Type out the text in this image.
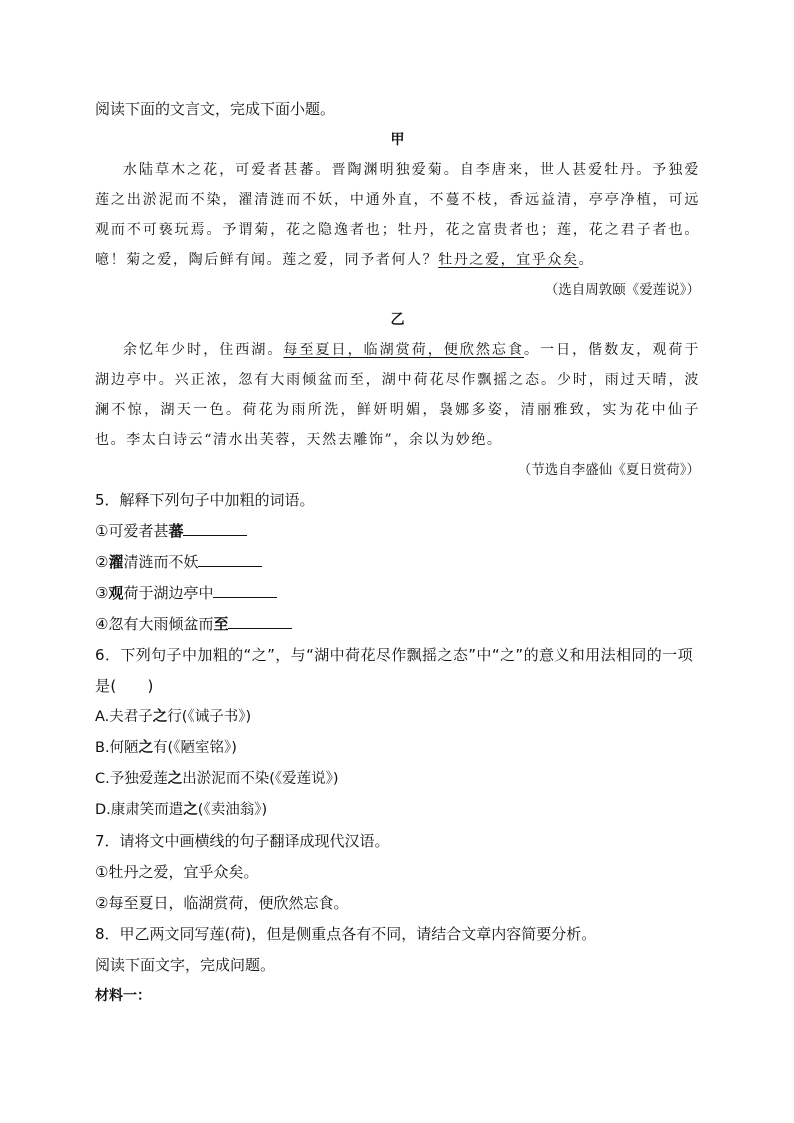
阅读下面的文言文，完成下面小题。
甲
水陆草木之花，可爱者甚蕃。晋陶渊明独爱菊。自李唐来，世人甚爱牡丹。予独爱莲之出淤泥而不染，濯清涟而不妖，中通外直，不蔓不枝，香远益清，亭亭净植，可远观而不可亵玩焉。予谓菊，花之隐逸者也；牡丹，花之富贵者也；莲，花之君子者也。噫！菊之爱，陶后鲜有闻。莲之爱，同予者何人？牡丹之爱，宜乎众矣。
（选自周敦颐《爱莲说》）
乙
余忆年少时，住西湖。每至夏日，临湖赏荷，便欣然忘食。一日，偕数友，观荷于湖边亭中。兴正浓，忽有大雨倾盆而至，湖中荷花尽作飘摇之态。少时，雨过天晴，波澜不惊，湖天一色。荷花为雨所洗，鲜妍明媚，袅娜多姿，清丽雅致，实为花中仙子也。李太白诗云“清水出芙蓉，天然去雕饰”，余以为妙绝。
（节选自李盛仙《夏日赏荷》）
5．解释下列句子中加粗的词语。
①可爱者甚蕃
②濯清涟而不妖
③观荷于湖边亭中
④忽有大雨倾盆而至
6．下列句子中加粗的“之”，与“湖中荷花尽作飘摇之态”中“之”的意义和用法相同的一项是(　　)
A.夫君子之行(《诫子书》)
B.何陋之有(《陋室铭》)
C.予独爱莲之出淤泥而不染(《爱莲说》)
D.康肃笑而遣之(《卖油翁》)
7．请将文中画横线的句子翻译成现代汉语。
①牡丹之爱，宜乎众矣。
②每至夏日，临湖赏荷，便欣然忘食。
8．甲乙两文同写莲(荷)，但是侧重点各有不同，请结合文章内容简要分析。
阅读下面文字，完成问题。
材料一：
